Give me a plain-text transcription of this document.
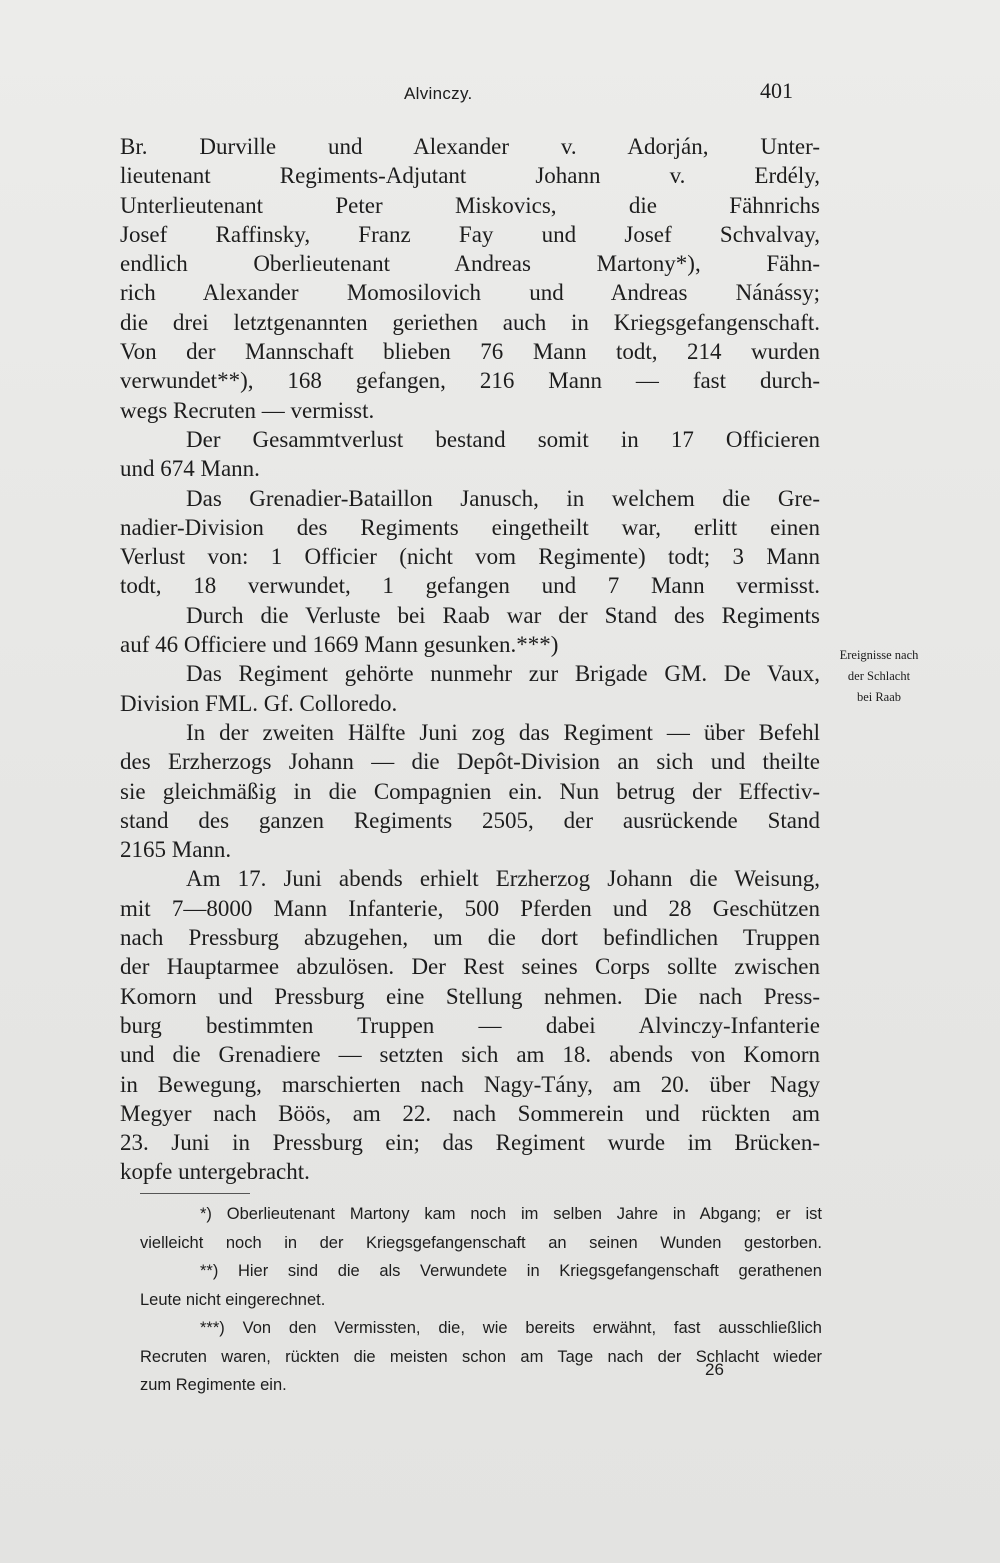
Alvinczy.	401
Br. Durville und Alexander v. Adorján, Unter-
lieutenant Regiments-Adjutant Johann v. Erdély,
Unterlieutenant Peter Miskovics, die Fähnrichs
Josef Raffinsky, Franz Fay und Josef Schvalvay,
endlich Oberlieutenant Andreas Martony*), Fähn-
rich Alexander Momosilovich und Andreas Nánássy;
die drei letztgenannten geriethen auch in Kriegsgefangenschaft.
Von der Mannschaft blieben 76 Mann todt, 214 wurden
verwundet**), 168 gefangen, 216 Mann — fast durch-
wegs Recruten — vermisst.
Der Gesammtverlust bestand somit in 17 Officieren
und 674 Mann.
Das Grenadier-Bataillon Janusch, in welchem die Gre-
nadier-Division des Regiments eingetheilt war, erlitt einen
Verlust von: 1 Officier (nicht vom Regimente) todt; 3 Mann
todt, 18 verwundet, 1 gefangen und 7 Mann vermisst.
Durch die Verluste bei Raab war der Stand des Regiments
auf 46 Officiere und 1669 Mann gesunken.***)
Das Regiment gehörte nunmehr zur Brigade GM. De Vaux,
Division FML. Gf. Colloredo.
In der zweiten Hälfte Juni zog das Regiment — über Befehl
des Erzherzogs Johann — die Depôt-Division an sich und theilte
sie gleichmäßig in die Compagnien ein. Nun betrug der Effectiv-
stand des ganzen Regiments 2505, der ausrückende Stand
2165 Mann.
Am 17. Juni abends erhielt Erzherzog Johann die Weisung,
mit 7—8000 Mann Infanterie, 500 Pferden und 28 Geschützen
nach Pressburg abzugehen, um die dort befindlichen Truppen
der Hauptarmee abzulösen. Der Rest seines Corps sollte zwischen
Komorn und Pressburg eine Stellung nehmen. Die nach Press-
burg bestimmten Truppen — dabei Alvinczy-Infanterie
und die Grenadiere — setzten sich am 18. abends von Komorn
in Bewegung, marschierten nach Nagy-Tány, am 20. über Nagy
Megyer nach Böös, am 22. nach Sommerein und rückten am
23. Juni in Pressburg ein; das Regiment wurde im Brücken-
kopfe untergebracht.
Ereignisse nach
der Schlacht
bei Raab
*) Oberlieutenant Martony kam noch im selben Jahre in Abgang; er ist
vielleicht noch in der Kriegsgefangenschaft an seinen Wunden gestorben.
**) Hier sind die als Verwundete in Kriegsgefangenschaft gerathenen
Leute nicht eingerechnet.
***) Von den Vermissten, die, wie bereits erwähnt, fast ausschließlich
Recruten waren, rückten die meisten schon am Tage nach der Schlacht wieder
zum Regimente ein.
26
